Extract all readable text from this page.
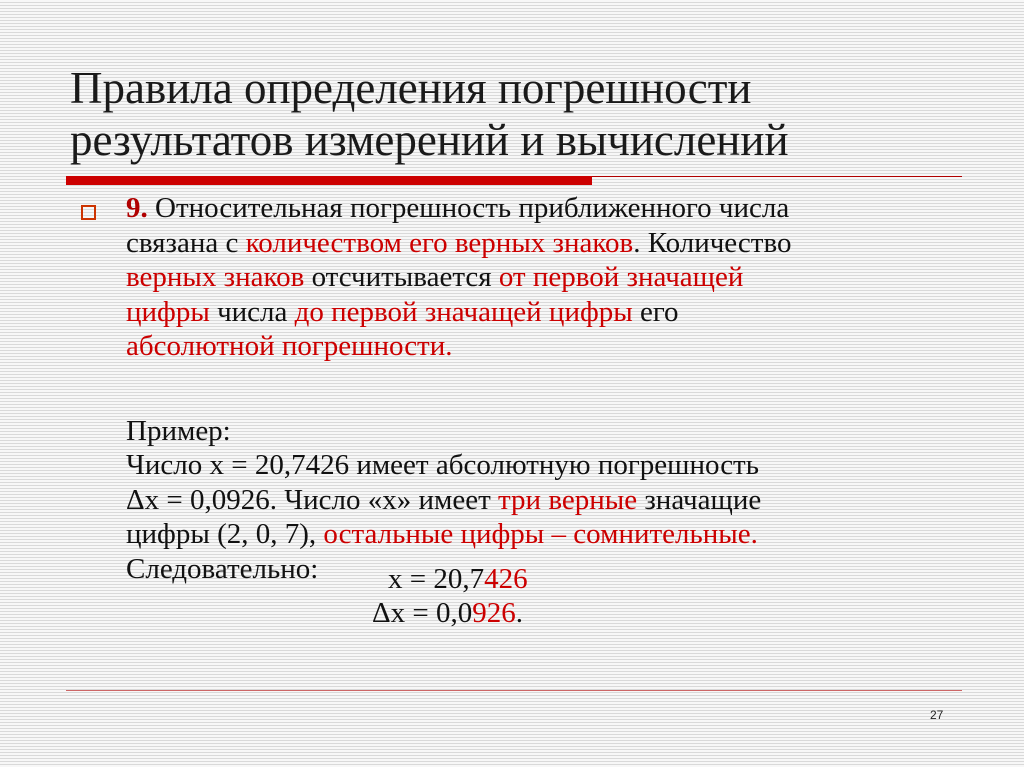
Правила определения погрешности
результатов измерений и вычислений
9. Относительная погрешность приближенного числа
связана с количеством его верных знаков. Количество
верных знаков отсчитывается от первой значащей
цифры числа до первой значащей цифры его
абсолютной погрешности.
Пример:
Число x = 20,7426 имеет абсолютную погрешность
Δx = 0,0926. Число «x» имеет три верные значащие
цифры (2, 0, 7), остальные цифры – сомнительные.
Следовательно:	x = 20,7426
Δx = 0,0926.
27
